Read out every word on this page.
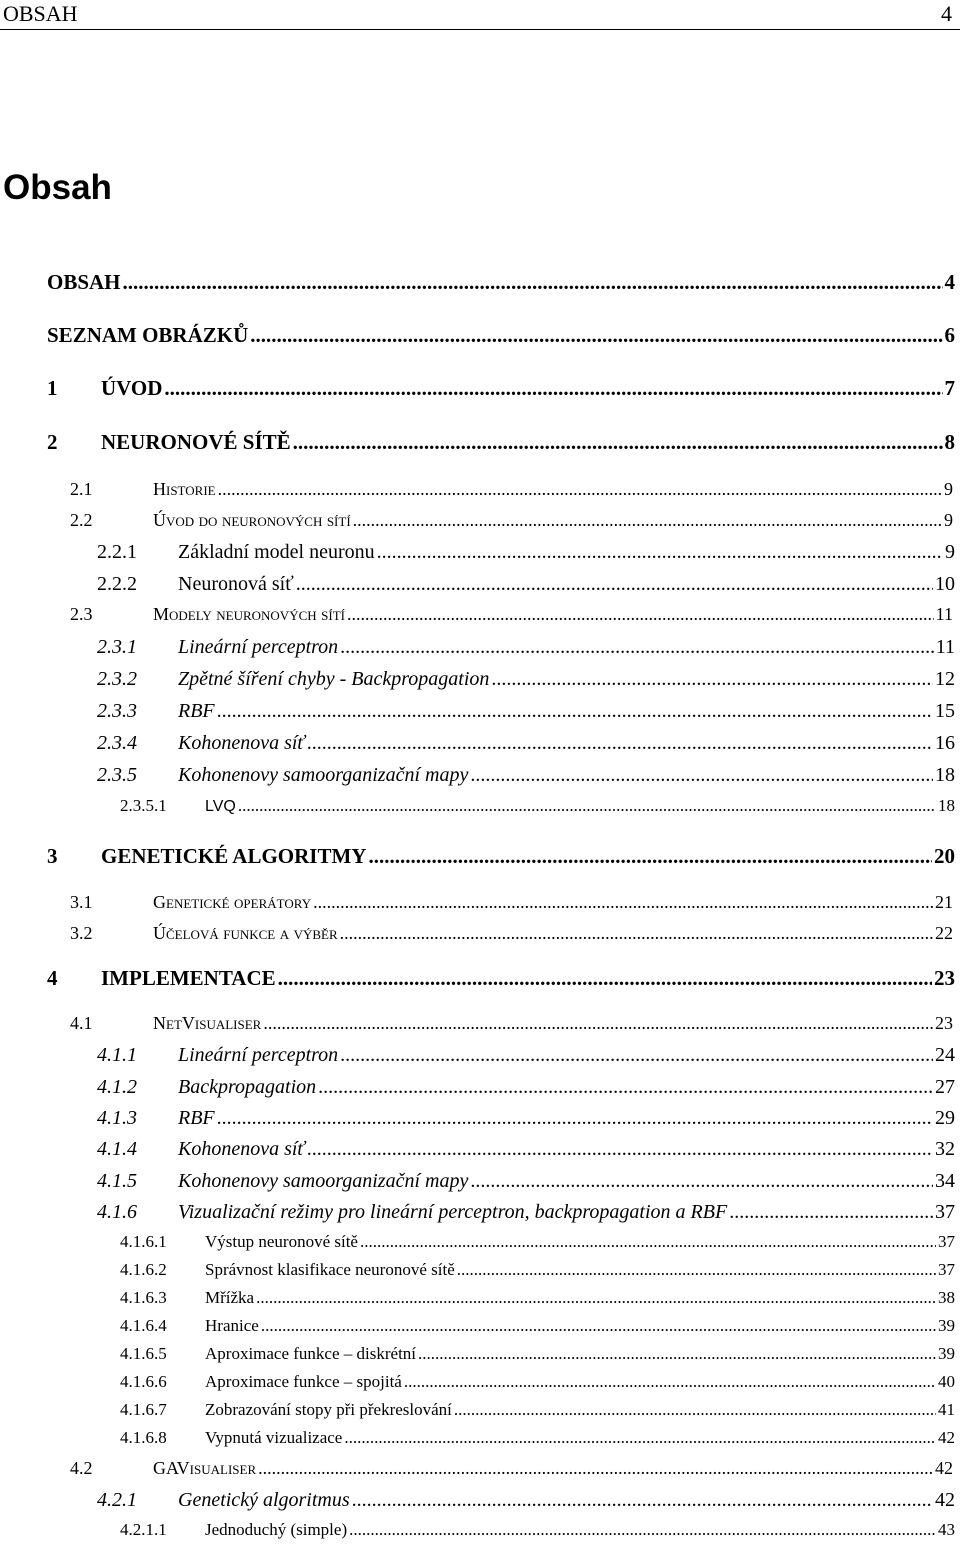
OBSAH	4
Obsah
OBSAH .....	4
SEZNAM OBRÁZKŮ .....	6
1 ÚVOD .....	7
2 NEURONOVÉ SÍTĚ .....	8
2.1	Historie .....	9
2.2	Úvod do neuronových sítí .....	9
2.2.1 Základní model neuronu .....	9
2.2.2 Neuronová síť .....	10
2.3	Modely neuronových sítí .....	11
2.3.1 Lineární perceptron .....	11
2.3.2 Zpětné šíření chyby - Backpropagation .....	12
2.3.3 RBF .....	15
2.3.4 Kohonenova síť .....	16
2.3.5 Kohonenovy samoorganizační mapy .....	18
2.3.5.1 LVQ .....	18
3 GENETICKÉ ALGORITMY .....	20
3.1	Genetické operátory .....	21
3.2	Účelová funkce a výběr .....	22
4 IMPLEMENTACE .....	23
4.1	NetVisualiser .....	23
4.1.1 Lineární perceptron .....	24
4.1.2 Backpropagation .....	27
4.1.3 RBF .....	29
4.1.4 Kohonenova síť .....	32
4.1.5 Kohonenovy samoorganizační mapy .....	34
4.1.6 Vizualizační režimy pro lineární perceptron, backpropagation a RBF .....	37
4.1.6.1 Výstup neuronové sítě .....	37
4.1.6.2 Správnost klasifikace neuronové sítě .....	37
4.1.6.3 Mřížka .....	38
4.1.6.4 Hranice .....	39
4.1.6.5 Aproximace funkce – diskrétní .....	39
4.1.6.6 Aproximace funkce – spojitá .....	40
4.1.6.7 Zobrazování stopy při překreslování .....	41
4.1.6.8 Vypnutá vizualizace .....	42
4.2	GAVisualiser .....	42
4.2.1 Genetický algoritmus .....	42
4.2.1.1 Jednoduchý (simple) .....	43
